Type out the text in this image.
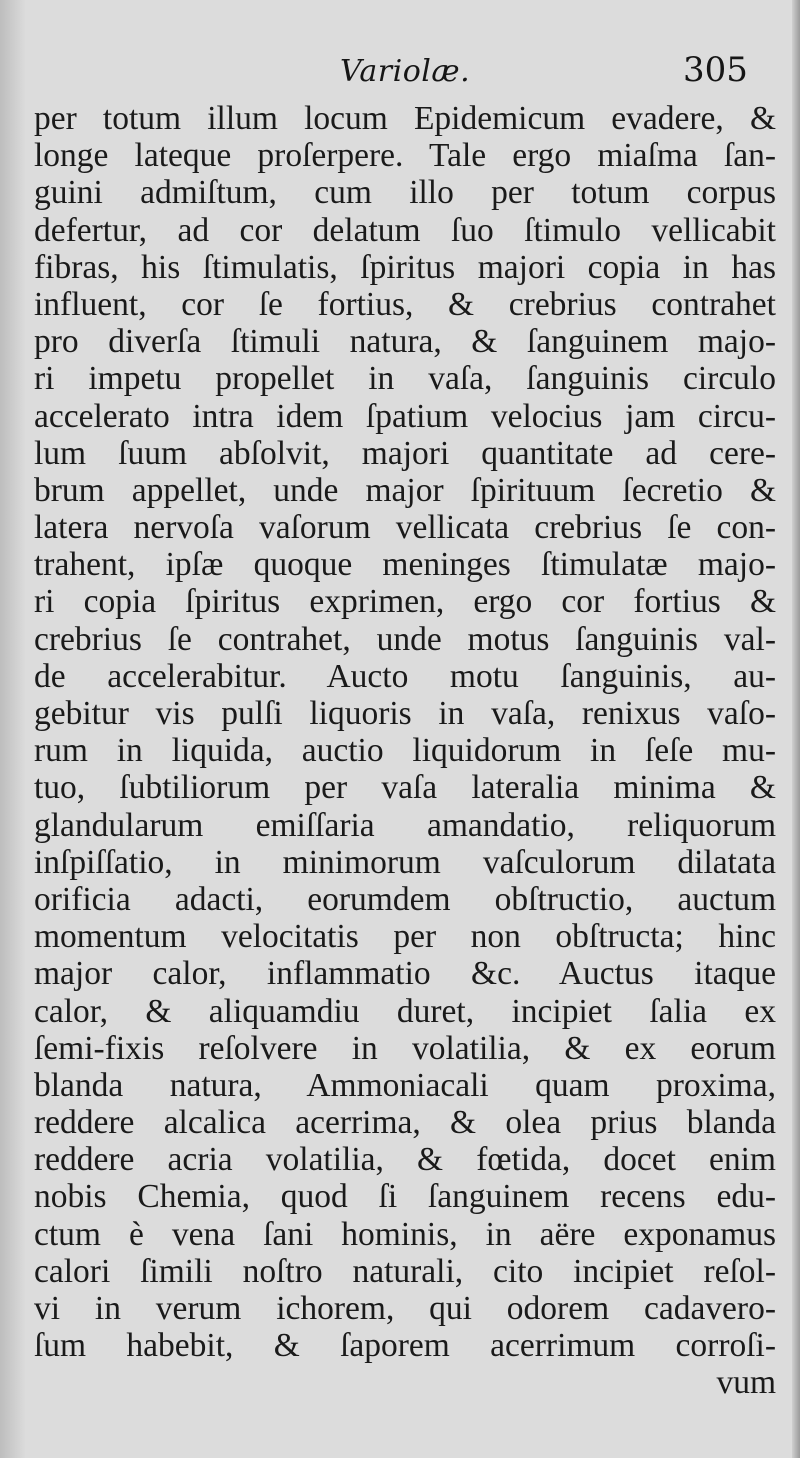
Variolæ.	305
per totum illum locum Epidemicum evadere, &
longe lateque proſerpere. Tale ergo miaſma ſan-
guini admiſtum, cum illo per totum corpus
defertur, ad cor delatum ſuo ſtimulo vellicabit
fibras, his ſtimulatis, ſpiritus majori copia in has
influent, cor ſe fortius, & crebrius contrahet
pro diverſa ſtimuli natura, & ſanguinem majo-
ri impetu propellet in vaſa, ſanguinis circulo
accelerato intra idem ſpatium velocius jam circu-
lum ſuum abſolvit, majori quantitate ad cere-
brum appellet, unde major ſpirituum ſecretio &
latera nervoſa vaſorum vellicata crebrius ſe con-
trahent, ipſæ quoque meninges ſtimulatæ majo-
ri copia ſpiritus exprimen, ergo cor fortius &
crebrius ſe contrahet, unde motus ſanguinis val-
de accelerabitur. Aucto motu ſanguinis, au-
gebitur vis pulſi liquoris in vaſa, renixus vaſo-
rum in liquida, auctio liquidorum in ſeſe mu-
tuo, ſubtiliorum per vaſa lateralia minima &
glandularum emiſſaria amandatio, reliquorum
inſpiſſatio, in minimorum vaſculorum dilatata
orificia adacti, eorumdem obſtructio, auctum
momentum velocitatis per non obſtructa; hinc
major calor, inflammatio &c. Auctus itaque
calor, & aliquamdiu duret, incipiet ſalia ex
ſemi-fixis reſolvere in volatilia, & ex eorum
blanda natura, Ammoniacali quam proxima,
reddere alcalica acerrima, & olea prius blanda
reddere acria volatilia, & fœtida, docet enim
nobis Chemia, quod ſi ſanguinem recens edu-
ctum è vena ſani hominis, in aëre exponamus
calori ſimili noſtro naturali, cito incipiet reſol-
vi in verum ichorem, qui odorem cadavero-
ſum habebit, & ſaporem acerrimum corroſi-
vum
